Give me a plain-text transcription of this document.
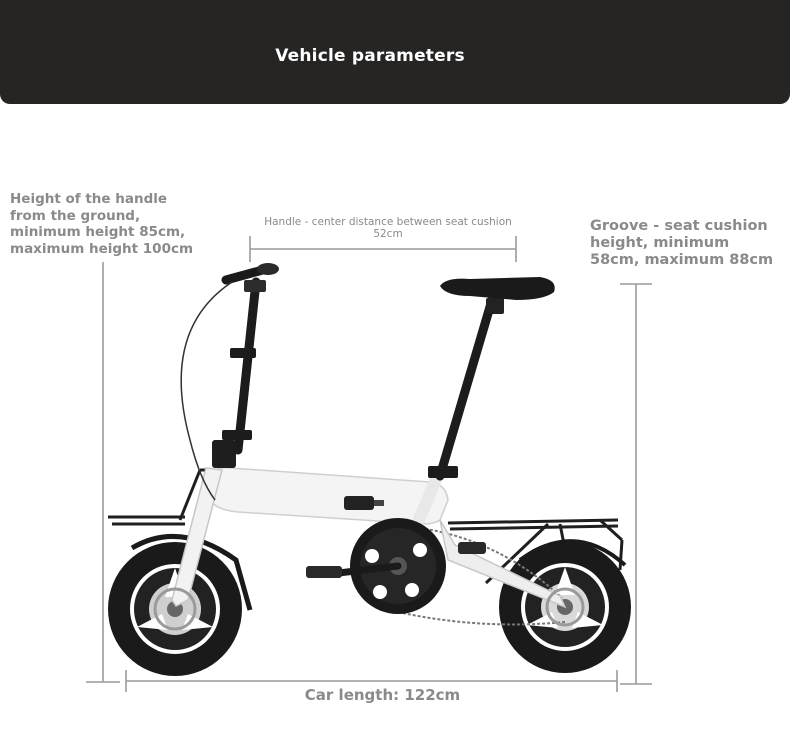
Vehicle parameters
Height of the handle
from the ground,
minimum height 85cm,
maximum height 100cm
Groove - seat cushion
height, minimum
58cm, maximum 88cm
Handle - center distance between seat cushion
52cm
Car length: 122cm
